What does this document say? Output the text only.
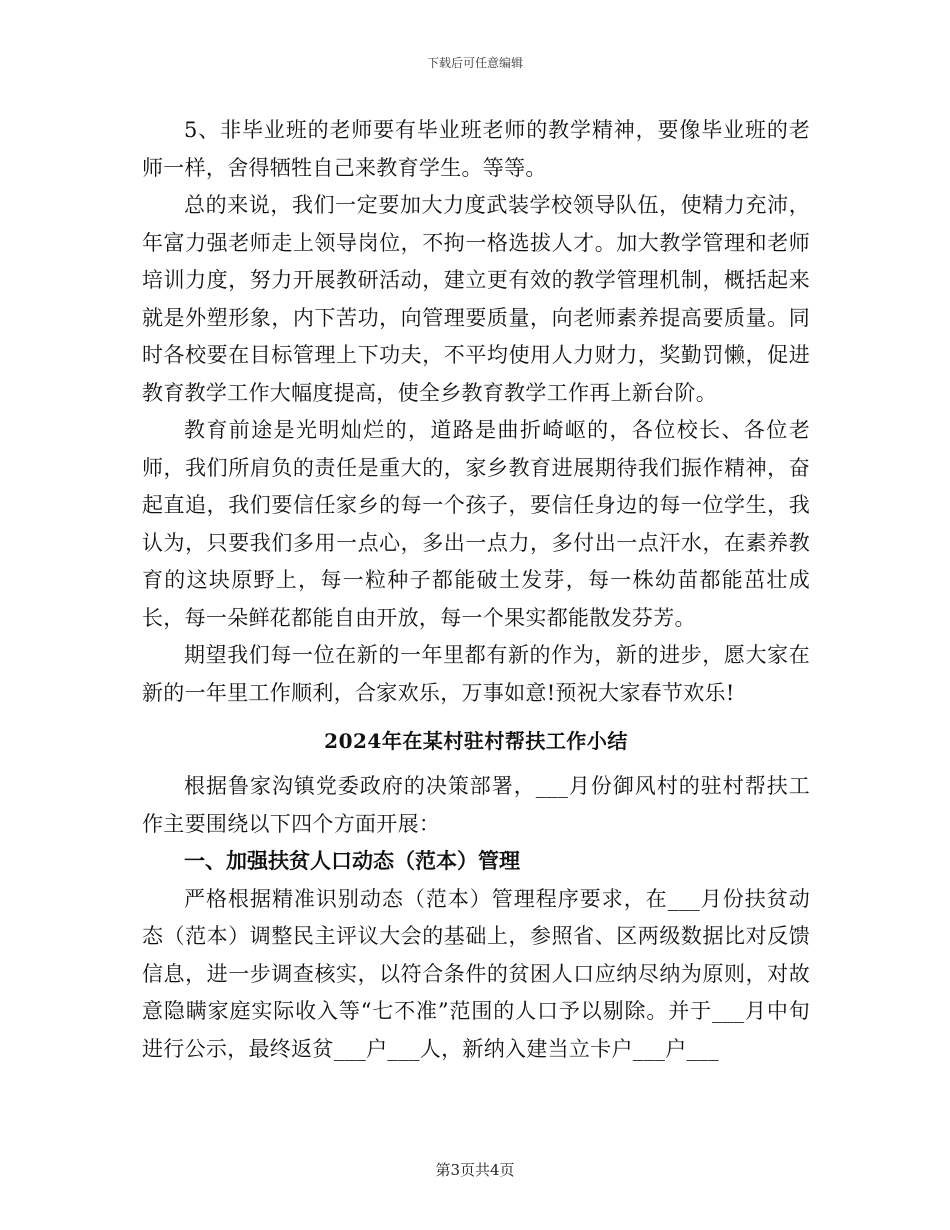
下载后可任意编辑

5、非毕业班的老师要有毕业班老师的教学精神，要像毕业班的老师一样，舍得牺牲自己来教育学生。等等。

总的来说，我们一定要加大力度武装学校领导队伍，使精力充沛，年富力强老师走上领导岗位，不拘一格选拔人才。加大教学管理和老师培训力度，努力开展教研活动，建立更有效的教学管理机制，概括起来就是外塑形象，内下苦功，向管理要质量，向老师素养提高要质量。同时各校要在目标管理上下功夫，不平均使用人力财力，奖勤罚懒，促进教育教学工作大幅度提高，使全乡教育教学工作再上新台阶。

教育前途是光明灿烂的，道路是曲折崎岖的，各位校长、各位老师，我们所肩负的责任是重大的，家乡教育进展期待我们振作精神，奋起直追，我们要信任家乡的每一个孩子，要信任身边的每一位学生，我认为，只要我们多用一点心，多出一点力，多付出一点汗水，在素养教育的这块原野上，每一粒种子都能破土发芽，每一株幼苗都能茁壮成长，每一朵鲜花都能自由开放，每一个果实都能散发芬芳。

期望我们每一位在新的一年里都有新的作为，新的进步，愿大家在新的一年里工作顺利，合家欢乐，万事如意!预祝大家春节欢乐!

2024年在某村驻村帮扶工作小结

根据鲁家沟镇党委政府的决策部署，___月份御风村的驻村帮扶工作主要围绕以下四个方面开展：

一、加强扶贫人口动态（范本）管理

严格根据精准识别动态（范本）管理程序要求，在___月份扶贫动态（范本）调整民主评议大会的基础上，参照省、区两级数据比对反馈信息，进一步调查核实，以符合条件的贫困人口应纳尽纳为原则，对故意隐瞒家庭实际收入等“七不准”范围的人口予以剔除。并于___月中旬进行公示，最终返贫___户___人，新纳入建当立卡户___户___

第3页共4页
